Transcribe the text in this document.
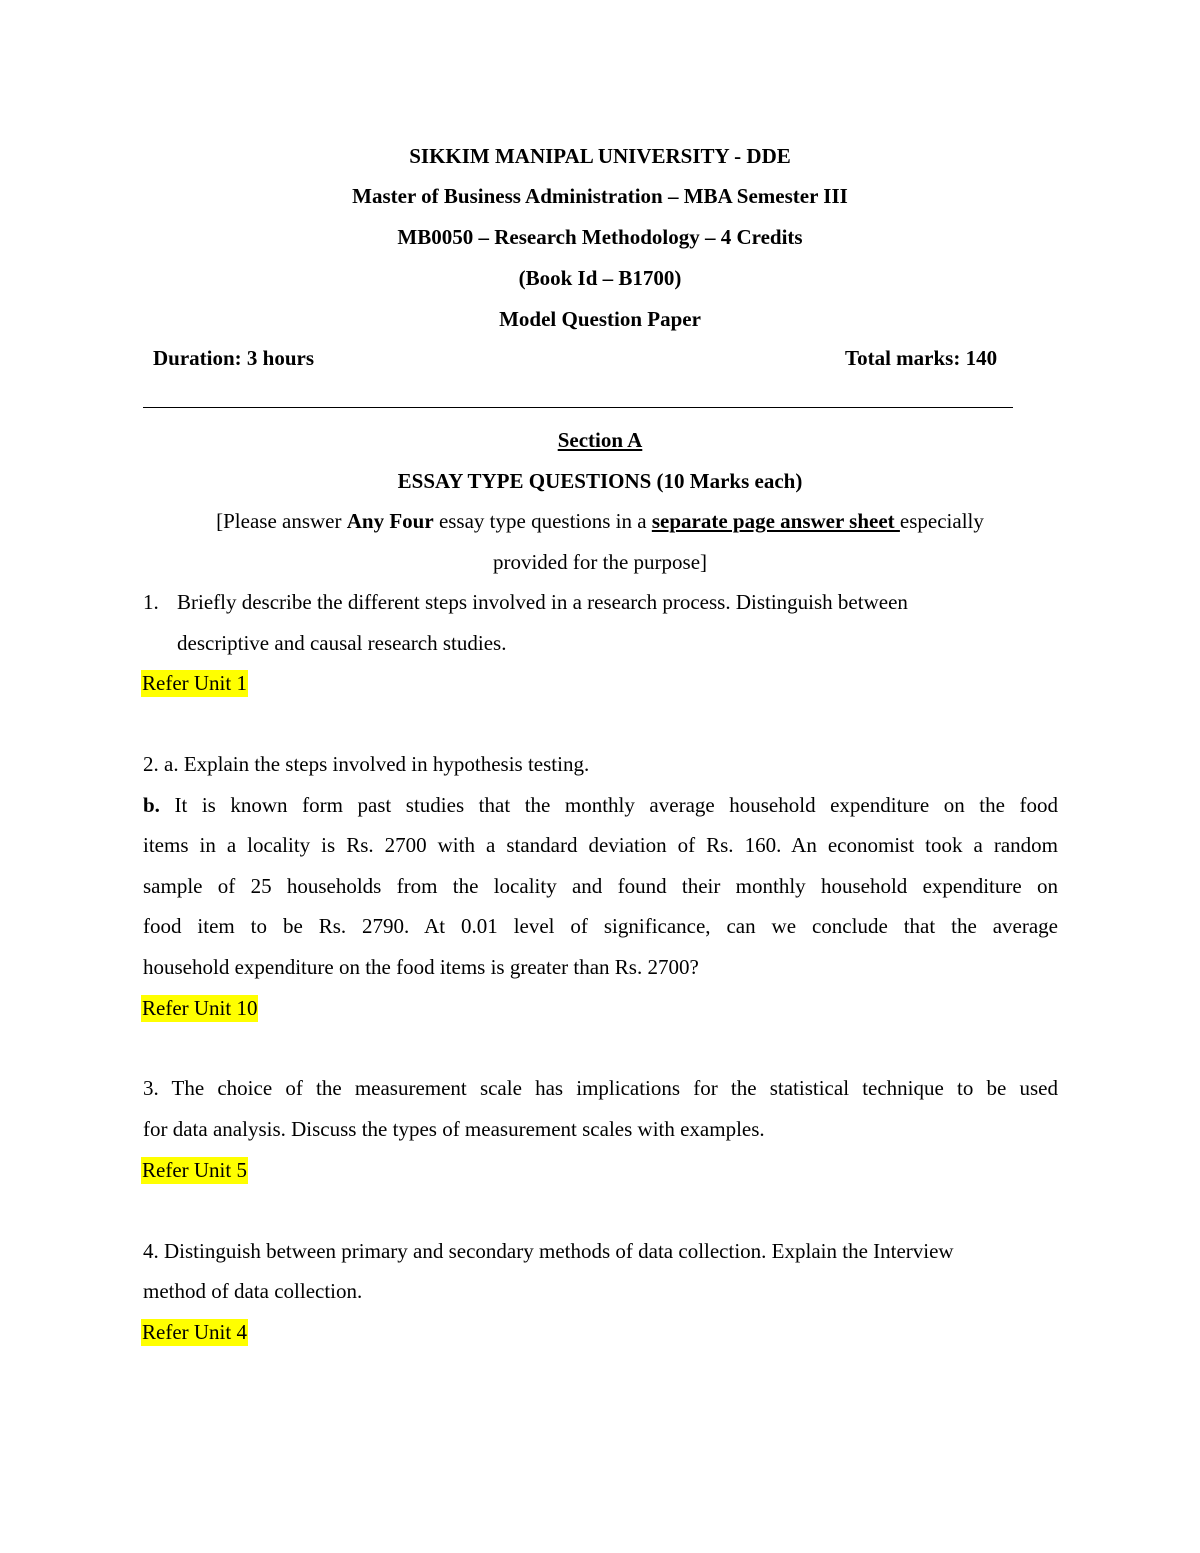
SIKKIM MANIPAL UNIVERSITY - DDE
Master of Business Administration – MBA Semester III
MB0050 – Research Methodology – 4 Credits
(Book Id – B1700)
Model Question Paper
Duration: 3 hours	Total marks: 140
Section A
ESSAY TYPE QUESTIONS (10 Marks each)
[Please answer Any Four essay type questions in a separate page answer sheet especially
provided for the purpose]
1. Briefly describe the different steps involved in a research process. Distinguish between
descriptive and causal research studies.
Refer Unit 1
2. a. Explain the steps involved in hypothesis testing.
b. It is known form past studies that the monthly average household expenditure on the food
items in a locality is Rs. 2700 with a standard deviation of Rs. 160. An economist took a random
sample of 25 households from the locality and found their monthly household expenditure on
food item to be Rs. 2790. At 0.01 level of significance, can we conclude that the average
household expenditure on the food items is greater than Rs. 2700?
Refer Unit 10
3. The choice of the measurement scale has implications for the statistical technique to be used
for data analysis. Discuss the types of measurement scales with examples.
Refer Unit 5
4. Distinguish between primary and secondary methods of data collection. Explain the Interview
method of data collection.
Refer Unit 4
